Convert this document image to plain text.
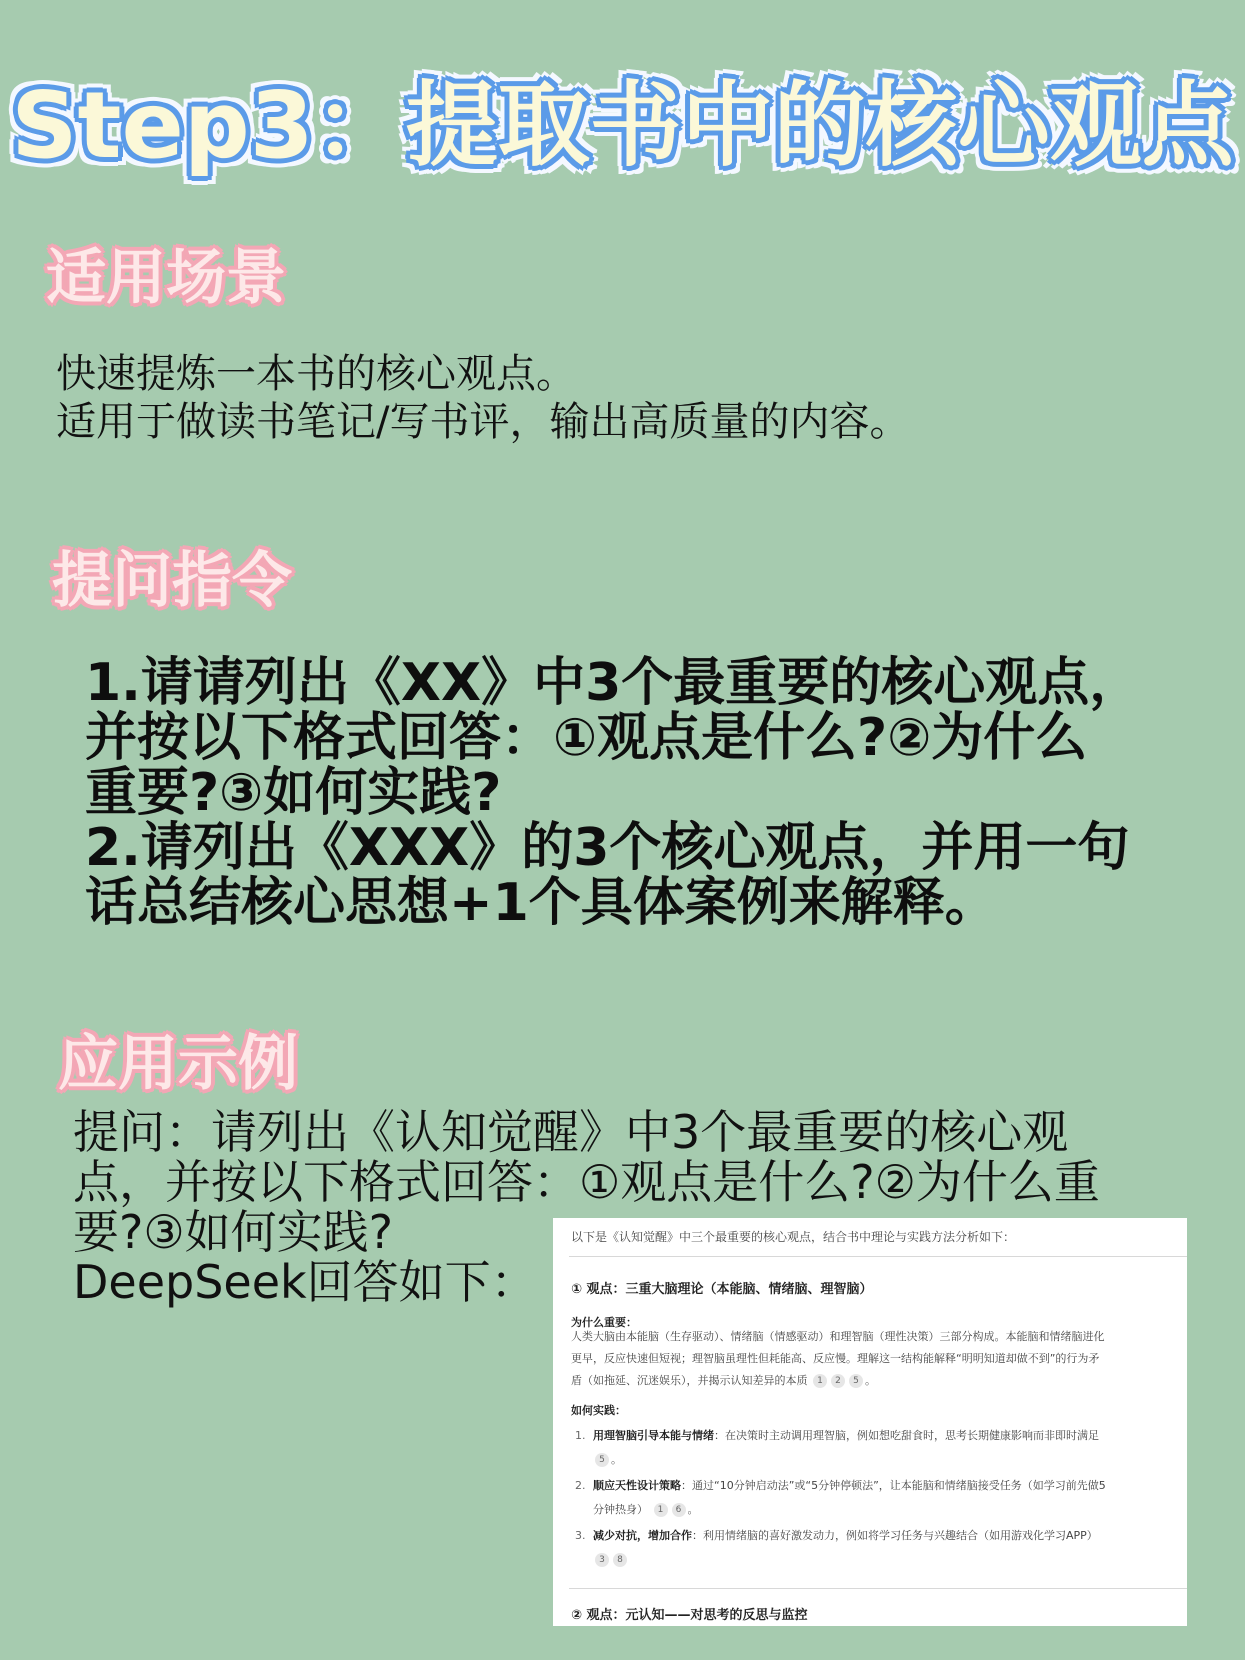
Step3：提取书中的核心观点
适用场景
快速提炼一本书的核心观点。
适用于做读书笔记/写书评，输出高质量的内容。
提问指令
1.请请列出《XX》中3个最重要的核心观点，
并按以下格式回答：①观点是什么?②为什么
重要?③如何实践?
2.请列出《XXX》的3个核心观点，并用一句
话总结核心思想+1个具体案例来解释。
应用示例
提问：请列出《认知觉醒》中3个最重要的核心观
点，并按以下格式回答：①观点是什么?②为什么重
要?③如何实践?
DeepSeek回答如下：
以下是《认知觉醒》中三个最重要的核心观点，结合书中理论与实践方法分析如下：
① 观点：三重大脑理论（本能脑、情绪脑、理智脑）
为什么重要：
人类大脑由本能脑（生存驱动）、情绪脑（情感驱动）和理智脑（理性决策）三部分构成。本能脑和情绪脑进化
更早，反应快速但短视；理智脑虽理性但耗能高、反应慢。理解这一结构能解释“明明知道却做不到”的行为矛
盾（如拖延、沉迷娱乐），并揭示认知差异的本质 1 2 5 。
如何实践：
1. 用理智脑引导本能与情绪：在决策时主动调用理智脑，例如想吃甜食时，思考长期健康影响而非即时满足
5 。
2. 顺应天性设计策略：通过“10分钟启动法”或“5分钟停顿法”，让本能脑和情绪脑接受任务（如学习前先做5
分钟热身） 1 6 。
3. 减少对抗，增加合作：利用情绪脑的喜好激发动力，例如将学习任务与兴趣结合（如用游戏化学习APP）
3 8
② 观点：元认知——对思考的反思与监控
